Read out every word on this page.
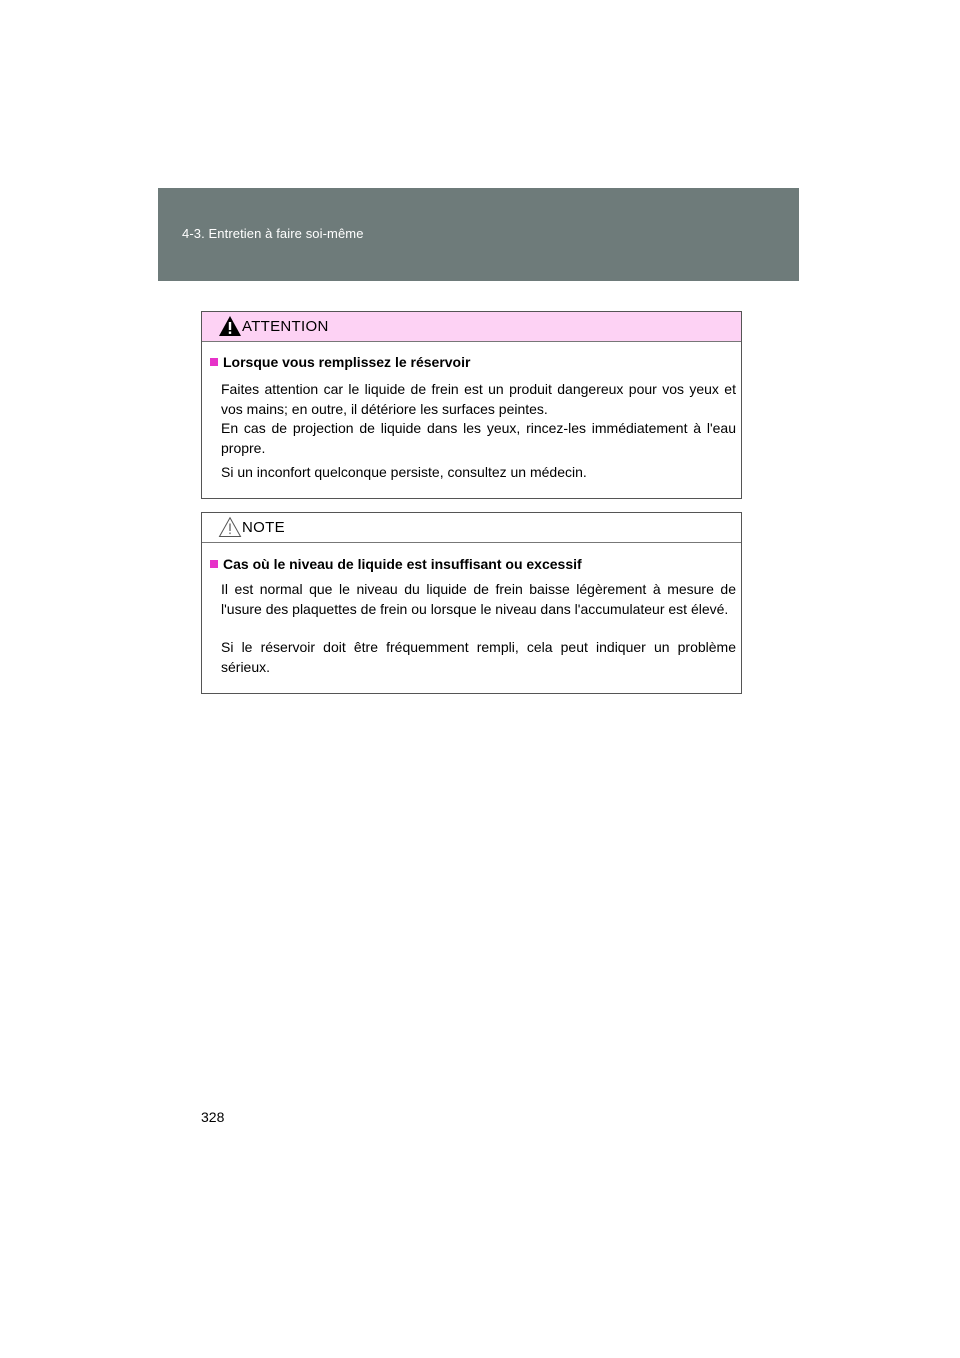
4-3. Entretien à faire soi-même
ATTENTION
Lorsque vous remplissez le réservoir
Faites attention car le liquide de frein est un produit dangereux pour vos yeux et vos mains; en outre, il détériore les surfaces peintes.
En cas de projection de liquide dans les yeux, rincez-les immédiatement à l'eau propre.
Si un inconfort quelconque persiste, consultez un médecin.
NOTE
Cas où le niveau de liquide est insuffisant ou excessif
Il est normal que le niveau du liquide de frein baisse légèrement à mesure de l'usure des plaquettes de frein ou lorsque le niveau dans l'accumulateur est élevé.
Si le réservoir doit être fréquemment rempli, cela peut indiquer un problème sérieux.
328
